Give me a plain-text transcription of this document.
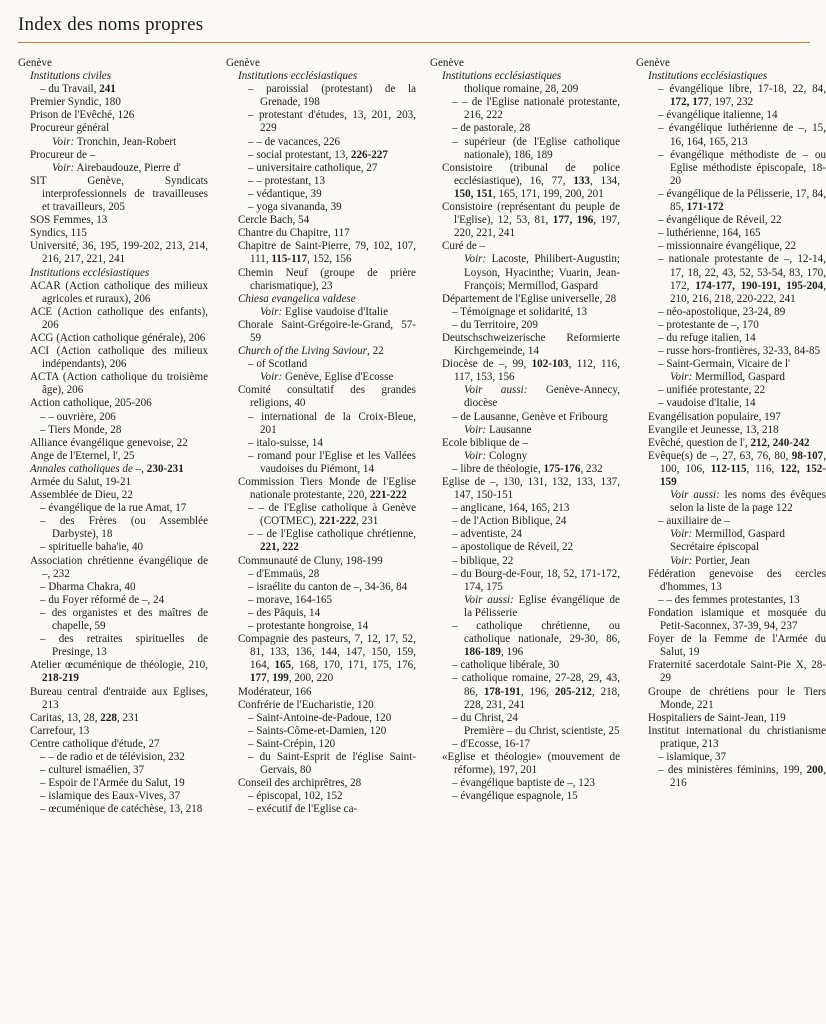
Index des noms propres
Genève
Institutions civiles
– du Travail, 241
Premier Syndic, 180
Prison de l'Evêché, 126
Procureur général
Voir: Tronchin, Jean-Robert
Procureur de –
Voir: Airebaudouze, Pierre d'
SIT Genève, Syndicats interprofessionnels de travailleuses et travailleurs, 205
SOS Femmes, 13
Syndics, 115
Université, 36, 195, 199-202, 213, 214, 216, 217, 221, 241
Institutions ecclésiastiques
ACAR (Action catholique des milieux agricoles et ruraux), 206
ACE (Action catholique des enfants), 206
ACG (Action catholique générale), 206
ACI (Action catholique des milieux indépendants), 206
ACTA (Action catholique du troisième âge), 206
Action catholique, 205-206
– – ouvrière, 206
– Tiers Monde, 28
Alliance évangélique genevoise, 22
Ange de l'Eternel, l', 25
Annales catholiques de –, 230-231
Armée du Salut, 19-21
Assemblée de Dieu, 22
– évangélique de la rue Amat, 17
– des Frères (ou Assemblée Darbyste), 18
– spirituelle baha'ie, 40
Association chrétienne évangélique de –, 232
– Dharma Chakra, 40
– du Foyer réformé de –, 24
– des organistes et des maîtres de chapelle, 59
– des retraites spirituelles de Presinge, 13
Atelier œcuménique de théologie, 210, 218-219
Bureau central d'entraide aux Eglises, 213
Caritas, 13, 28, 228, 231
Carrefour, 13
Centre catholique d'étude, 27
– – de radio et de télévision, 232
– culturel ismaélien, 37
– Espoir de l'Armée du Salut, 19
– islamique des Eaux-Vives, 37
– œcuménique de catéchèse, 13, 218
Genève
Institutions ecclésiastiques
– paroissial (protestant) de la Grenade, 198
– protestant d'études, 13, 201, 203, 229
– – de vacances, 226
– social protestant, 13, 226-227
– universitaire catholique, 27
– – protestant, 13
– védantique, 39
– yoga sivananda, 39
Cercle Bach, 54
Chantre du Chapitre, 117
Chapitre de Saint-Pierre, 79, 102, 107, 111, 115-117, 152, 156
Chemin Neuf (groupe de prière charismatique), 23
Chiesa evangelica valdese
Voir: Eglise vaudoise d'Italie
Chorale Saint-Grégoire-le-Grand, 57-59
Church of the Living Saviour, 22
– of Scotland
Voir: Genève, Eglise d'Ecosse
Comité consultatif des grandes religions, 40
– international de la Croix-Bleue, 201
– italo-suisse, 14
– romand pour l'Eglise et les Vallées vaudoises du Piémont, 14
Commission Tiers Monde de l'Eglise nationale protestante, 220, 221-222
– – de l'Eglise catholique à Genève (COTMEC), 221-222, 231
– – de l'Eglise catholique chrétienne, 221, 222
Communauté de Cluny, 198-199
– d'Emmaüs, 28
– israélite du canton de –, 34-36, 84
– morave, 164-165
– des Pâquis, 14
– protestante hongroise, 14
Compagnie des pasteurs, 7, 12, 17, 52, 81, 133, 136, 144, 147, 150, 159, 164, 165, 168, 170, 171, 175, 176, 177, 199, 200, 220
Modérateur, 166
Confrérie de l'Eucharistie, 120
– Saint-Antoine-de-Padoue, 120
– Saints-Côme-et-Damien, 120
– Saint-Crépin, 120
– du Saint-Esprit de l'église Saint-Gervais, 80
Conseil des archiprêtres, 28
– épiscopal, 102, 152
– exécutif de l'Eglise ca-
Genève
Institutions ecclésiastiques
tholique romaine, 28, 209
– – de l'Eglise nationale protestante, 216, 222
– de pastorale, 28
– supérieur (de l'Eglise catholique nationale), 186, 189
Consistoire (tribunal de police ecclésiastique), 16, 77, 133, 134, 150, 151, 165, 171, 199, 200, 201
Consistoire (représentant du peuple de l'Eglise), 12, 53, 81, 177, 196, 197, 220, 221, 241
Curé de –
Voir: Lacoste, Philibert-Augustin; Loyson, Hyacinthe; Vuarin, Jean-François; Mermillod, Gaspard
Département de l'Eglise universelle, 28
– Témoignage et solidarité, 13
– du Territoire, 209
Deutschschweizerische Reformierte Kirchgemeinde, 14
Diocèse de –, 99, 102-103, 112, 116, 117, 153, 156
Voir aussi: Genève-Annecy, diocèse
– de Lausanne, Genève et Fribourg
Voir: Lausanne
Ecole biblique de –
Voir: Cologny
– libre de théologie, 175-176, 232
Eglise de –, 130, 131, 132, 133, 137, 147, 150-151
– anglicane, 164, 165, 213
– de l'Action Biblique, 24
– adventiste, 24
– apostolique de Réveil, 22
– biblique, 22
– du Bourg-de-Four, 18, 52, 171-172, 174, 175
Voir aussi: Eglise évangélique de la Pélisserie
– catholique chrétienne, ou catholique nationale, 29-30, 86, 186-189, 196
– catholique libérale, 30
– catholique romaine, 27-28, 29, 43, 86, 178-191, 196, 205-212, 218, 228, 231, 241
– du Christ, 24
Première – du Christ, scientiste, 25
– d'Ecosse, 16-17
«Eglise et théologie» (mouvement de réforme), 197, 201
– évangélique baptiste de –, 123
– évangélique espagnole, 15
Genève
Institutions ecclésiastiques
– évangélique libre, 17-18, 22, 84, 172, 177, 197, 232
– évangélique italienne, 14
– évangélique luthérienne de –, 15, 16, 164, 165, 213
– évangélique méthodiste de – ou Eglise méthodiste épiscopale, 18-20
– évangélique de la Pélisserie, 17, 84, 85, 171-172
– évangélique de Réveil, 22
– luthérienne, 164, 165
– missionnaire évangélique, 22
– nationale protestante de –, 12-14, 17, 18, 22, 43, 52, 53-54, 83, 170, 172, 174-177, 190-191, 195-204, 210, 216, 218, 220-222, 241
– néo-apostolique, 23-24, 89
– protestante de –, 170
– du refuge italien, 14
– russe hors-frontières, 32-33, 84-85
– Saint-Germain, Vicaire de l'
Voir: Mermillod, Gaspard
– unifiée protestante, 22
– vaudoise d'Italie, 14
Evangélisation populaire, 197
Evangile et Jeunesse, 13, 218
Evêché, question de l', 212, 240-242
Evêque(s) de –, 27, 63, 76, 80, 98-107, 100, 106, 112-115, 116, 122, 152-159
Voir aussi: les noms des évêques selon la liste de la page 122
– auxiliaire de –
Voir: Mermillod, Gaspard
Secrétaire épiscopal
Voir: Portier, Jean
Fédération genevoise des cercles d'hommes, 13
– – des femmes protestantes, 13
Fondation islamique et mosquée du Petit-Saconnex, 37-39, 94, 237
Foyer de la Femme de l'Armée du Salut, 19
Fraternité sacerdotale Saint-Pie X, 28-29
Groupe de chrétiens pour le Tiers Monde, 221
Hospitaliers de Saint-Jean, 119
Institut international du christianisme pratique, 213
– islamique, 37
– des ministères féminins, 199, 200, 216
